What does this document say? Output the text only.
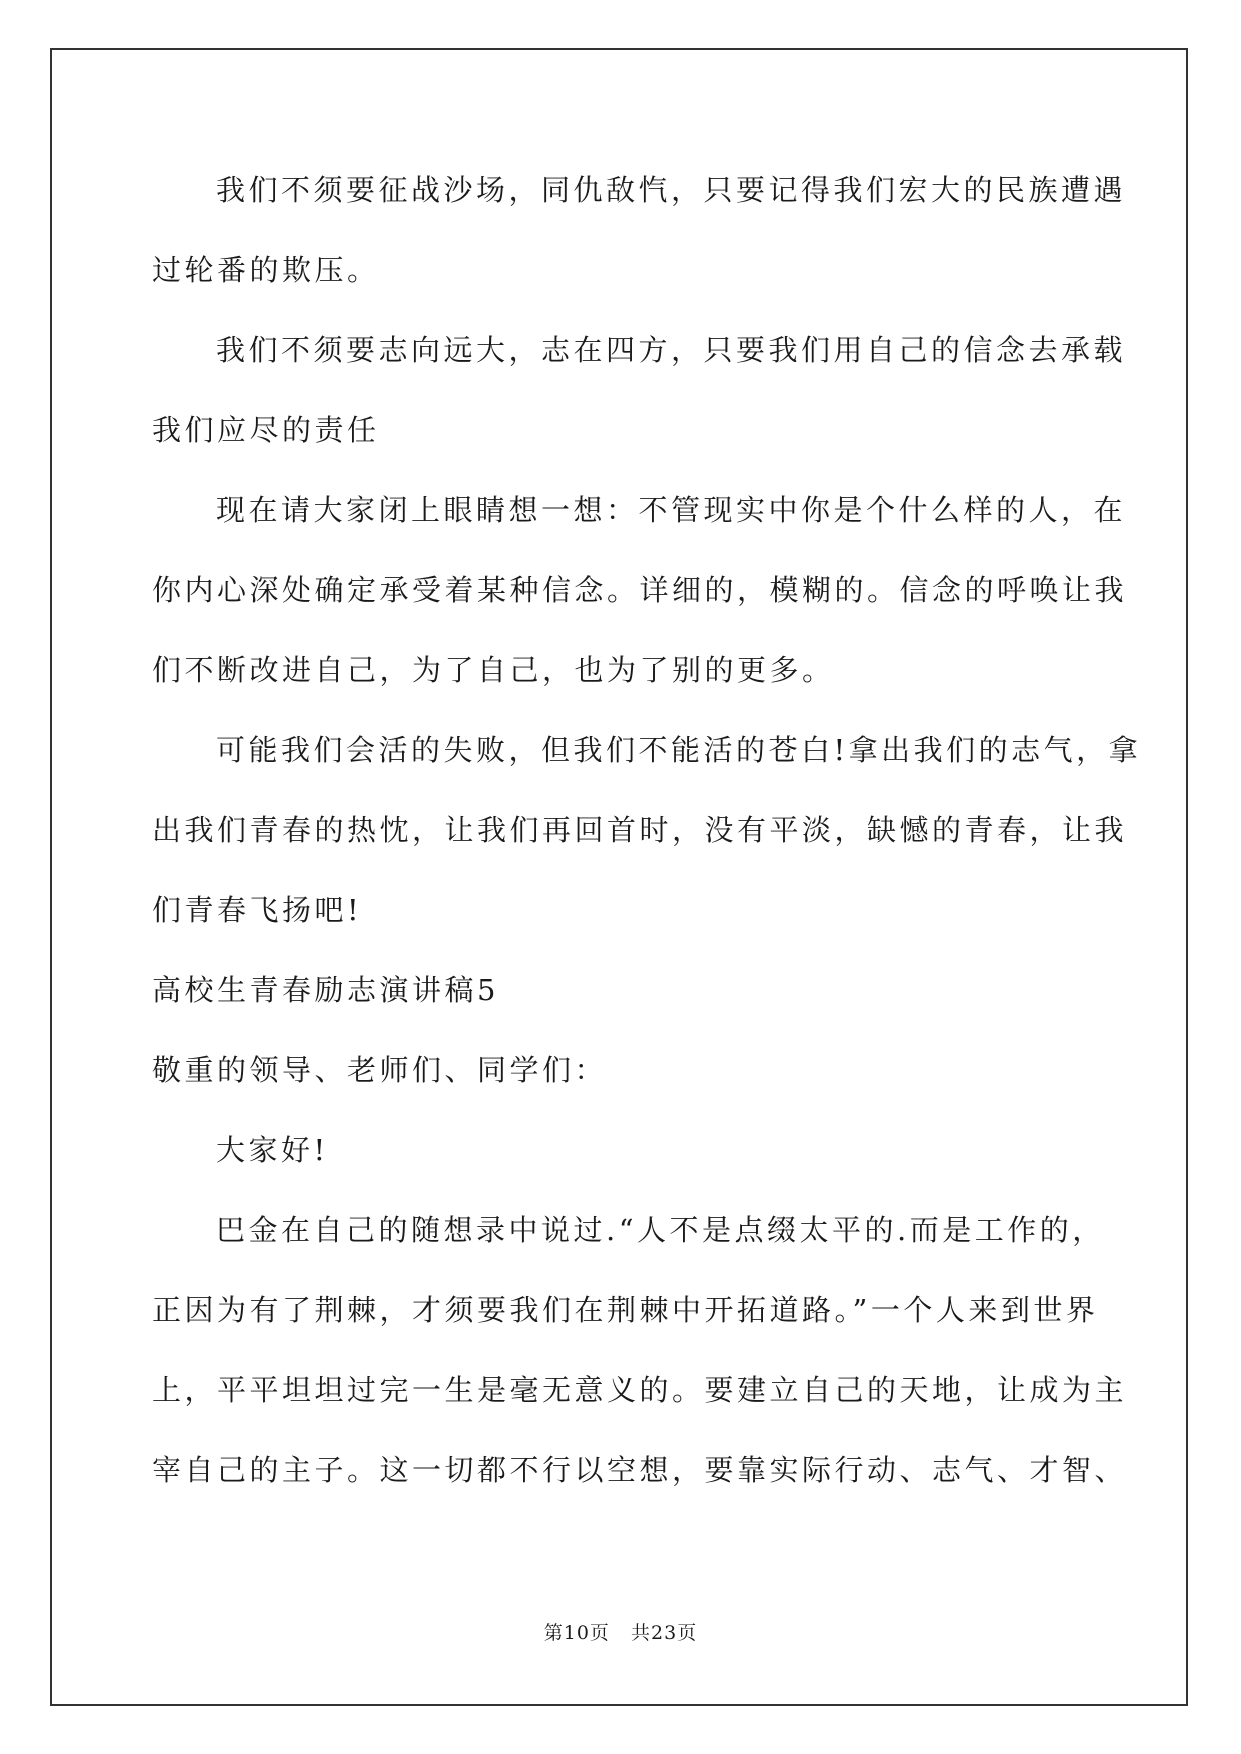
我们不须要征战沙场，同仇敌忾，只要记得我们宏大的民族遭遇
过轮番的欺压。
我们不须要志向远大，志在四方，只要我们用自己的信念去承载
我们应尽的责任
现在请大家闭上眼睛想一想：不管现实中你是个什么样的人，在
你内心深处确定承受着某种信念。详细的，模糊的。信念的呼唤让我
们不断改进自己，为了自己，也为了别的更多。
可能我们会活的失败，但我们不能活的苍白!拿出我们的志气，拿
出我们青春的热忱，让我们再回首时，没有平淡，缺憾的青春，让我
们青春飞扬吧!
高校生青春励志演讲稿5
敬重的领导、老师们、同学们：
大家好!
巴金在自己的随想录中说过.“人不是点缀太平的.而是工作的，
正因为有了荆棘，才须要我们在荆棘中开拓道路。”一个人来到世界
上，平平坦坦过完一生是毫无意义的。要建立自己的天地，让成为主
宰自己的主子。这一切都不行以空想，要靠实际行动、志气、才智、
第10页   共23页
